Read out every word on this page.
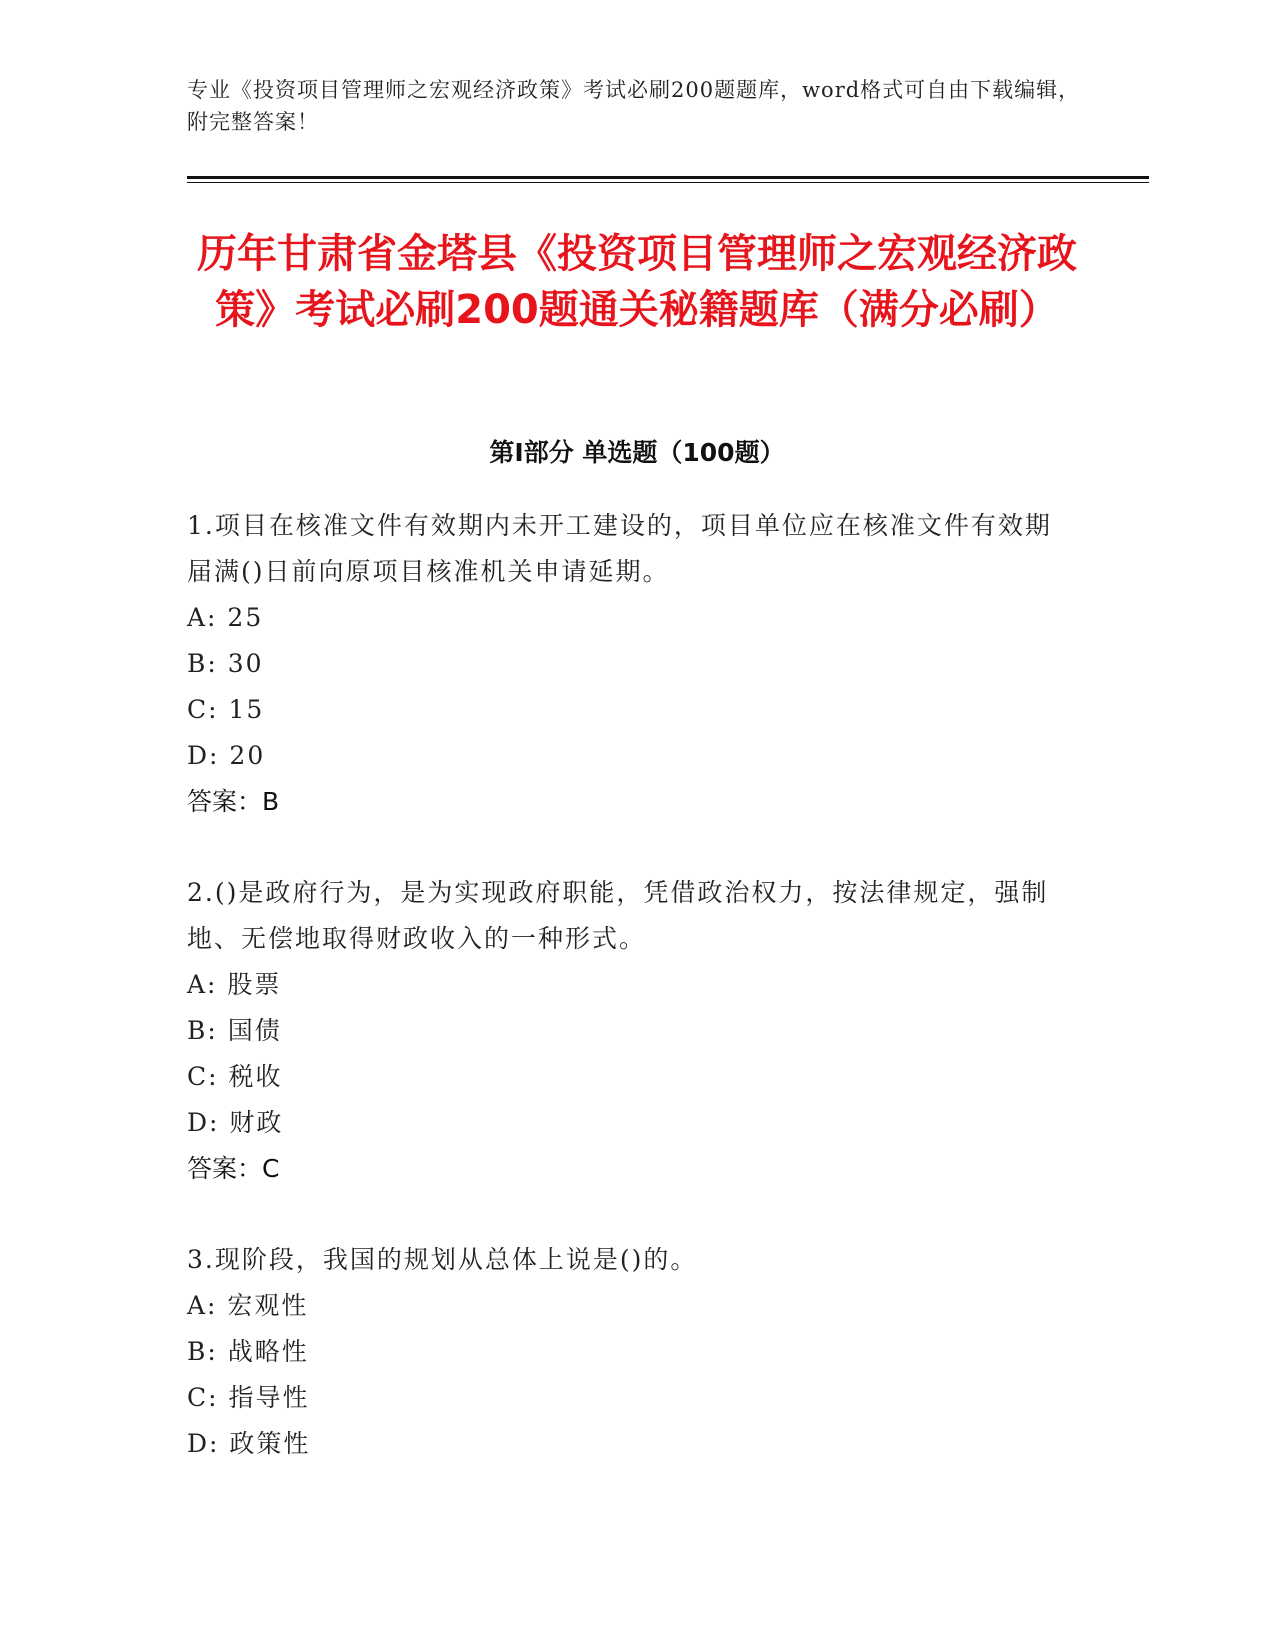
专业《投资项目管理师之宏观经济政策》考试必刷200题题库，word格式可自由下载编辑，附完整答案！
历年甘肃省金塔县《投资项目管理师之宏观经济政策》考试必刷200题通关秘籍题库（满分必刷）
第Ⅰ部分 单选题（100题）
1.项目在核准文件有效期内未开工建设的，项目单位应在核准文件有效期届满()日前向原项目核准机关申请延期。
A: 25
B: 30
C: 15
D: 20
答案：B
2.()是政府行为，是为实现政府职能，凭借政治权力，按法律规定，强制地、无偿地取得财政收入的一种形式。
A: 股票
B: 国债
C: 税收
D: 财政
答案：C
3.现阶段，我国的规划从总体上说是()的。
A: 宏观性
B: 战略性
C: 指导性
D: 政策性
